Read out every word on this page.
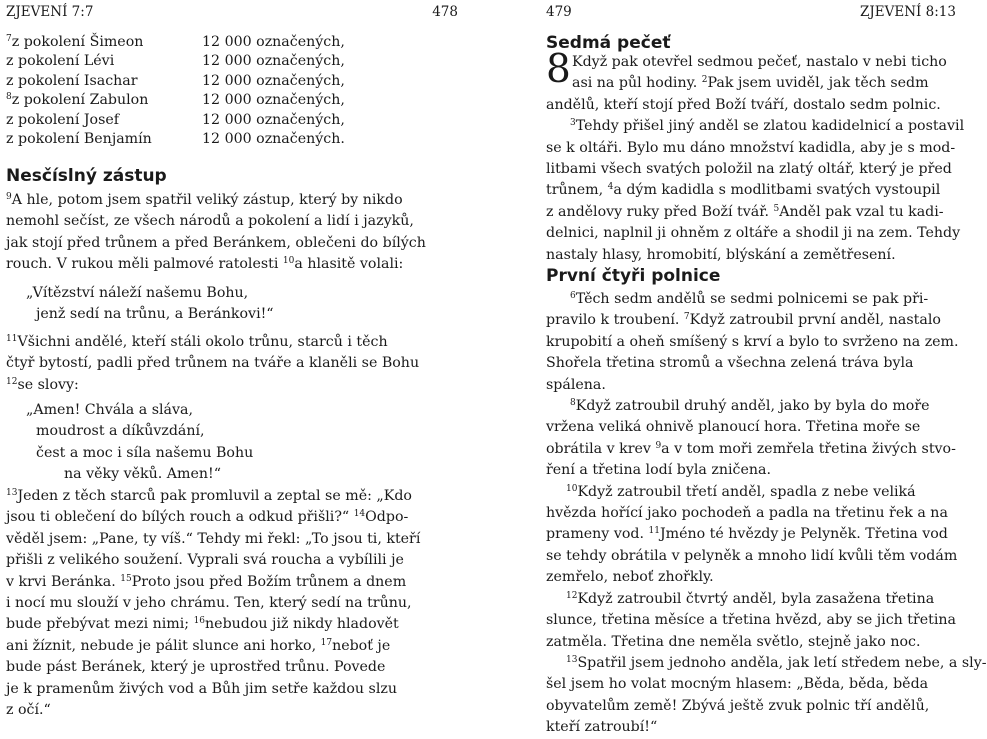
ZJEVENÍ 7:7	478
$^7$z pokolení Šimeon	12 000 označených,
z pokolení Lévi	12 000 označených,
z pokolení Isachar	12 000 označených,
$^8$z pokolení Zabulon	12 000 označených,
z pokolení Josef	12 000 označených,
z pokolení Benjamín	12 000 označených.
Nesčíslný zástup
$^9$A hle, potom jsem spatřil veliký zástup, který by nikdo
nemohl sečíst, ze všech národů a pokolení a lidí i jazyků,
jak stojí před trůnem a před Beránkem, oblečeni do bílých
rouch. V rukou měli palmové ratolesti $^{10}$a hlasitě volali:
„Vítězství náleží našemu Bohu,
jenž sedí na trůnu, a Beránkovi!“
$^{11}$Všichni andělé, kteří stáli okolo trůnu, starců i těch
čtyř bytostí, padli před trůnem na tváře a klaněli se Bohu
$^{12}$se slovy:
„Amen! Chvála a sláva,
moudrost a díkůvzdání,
čest a moc i síla našemu Bohu
na věky věků. Amen!“
$^{13}$Jeden z těch starců pak promluvil a zeptal se mě: „Kdo
jsou ti oblečení do bílých rouch a odkud přišli?“ $^{14}$Odpo-
věděl jsem: „Pane, ty víš.“ Tehdy mi řekl: „To jsou ti, kteří
přišli z velikého soužení. Vyprali svá roucha a vybílili je
v krvi Beránka. $^{15}$Proto jsou před Božím trůnem a dnem
i nocí mu slouží v jeho chrámu. Ten, který sedí na trůnu,
bude přebývat mezi nimi; $^{16}$nebudou již nikdy hladovět
ani žíznit, nebude je pálit slunce ani horko, $^{17}$neboť je
bude pást Beránek, který je uprostřed trůnu. Povede
je k pramenům živých vod a Bůh jim setře každou slzu
z očí.“
479	ZJEVENÍ 8:13
Sedmá pečeť
8 Když pak otevřel sedmou pečeť, nastalo v nebi ticho
asi na půl hodiny. $^2$Pak jsem uviděl, jak těch sedm
andělů, kteří stojí před Boží tváří, dostalo sedm polnic.
$^3$Tehdy přišel jiný anděl se zlatou kadidelnicí a postavil
se k oltáři. Bylo mu dáno množství kadidla, aby je s mod-
litbami všech svatých položil na zlatý oltář, který je před
trůnem, $^4$a dým kadidla s modlitbami svatých vystoupil
z andělovy ruky před Boží tvář. $^5$Anděl pak vzal tu kadi-
delnici, naplnil ji ohněm z oltáře a shodil ji na zem. Tehdy
nastaly hlasy, hromobití, blýskání a zemětřesení.
První čtyři polnice
$^6$Těch sedm andělů se sedmi polnicemi se pak při-
pravilo k troubení. $^7$Když zatroubil první anděl, nastalo
krupobití a oheň smíšený s krví a bylo to svrženo na zem.
Shořela třetina stromů a všechna zelená tráva byla
spálena.
$^8$Když zatroubil druhý anděl, jako by byla do moře
vržena veliká ohnivě planoucí hora. Třetina moře se
obrátila v krev $^9$a v tom moři zemřela třetina živých stvo-
ření a třetina lodí byla zničena.
$^{10}$Když zatroubil třetí anděl, spadla z nebe veliká
hvězda hořící jako pochodeň a padla na třetinu řek a na
prameny vod. $^{11}$Jméno té hvězdy je Pelyněk. Třetina vod
se tehdy obrátila v pelyněk a mnoho lidí kvůli těm vodám
zemřelo, neboť zhořkly.
$^{12}$Když zatroubil čtvrtý anděl, byla zasažena třetina
slunce, třetina měsíce a třetina hvězd, aby se jich třetina
zatměla. Třetina dne neměla světlo, stejně jako noc.
$^{13}$Spatřil jsem jednoho anděla, jak letí středem nebe, a sly-
šel jsem ho volat mocným hlasem: „Běda, běda, běda
obyvatelům země! Zbývá ještě zvuk polnic tří andělů,
kteří zatroubí!“
